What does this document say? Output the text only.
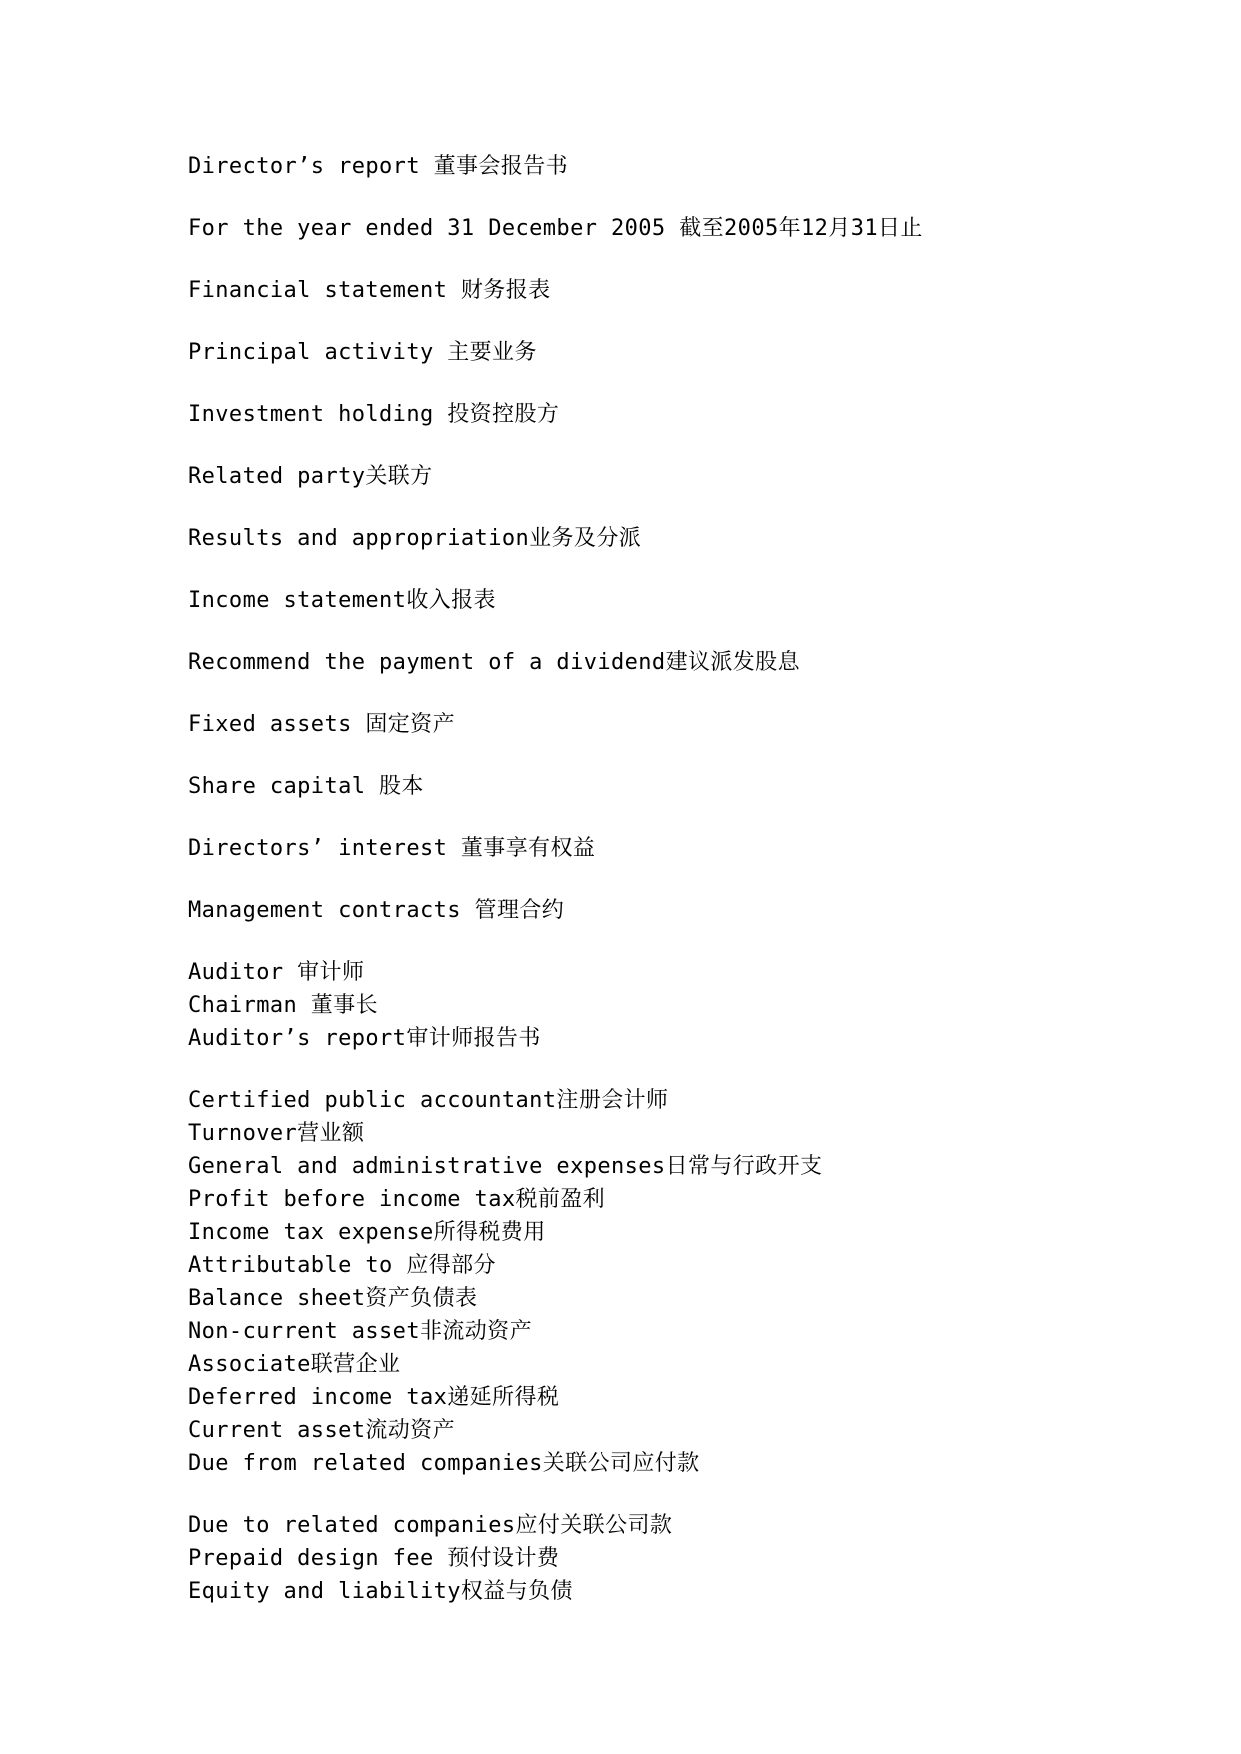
Director’s report 董事会报告书
For the year ended 31 December 2005 截至2005年12月31日止
Financial statement 财务报表
Principal activity 主要业务
Investment holding 投资控股方
Related party关联方
Results and appropriation业务及分派
Income statement收入报表
Recommend the payment of a dividend建议派发股息
Fixed assets 固定资产
Share capital 股本
Directors’ interest 董事享有权益
Management contracts 管理合约
Auditor 审计师
Chairman 董事长
Auditor’s report审计师报告书
Certified public accountant注册会计师
Turnover营业额
General and administrative expenses日常与行政开支
Profit before income tax税前盈利
Income tax expense所得税费用
Attributable to 应得部分
Balance sheet资产负债表
Non-current asset非流动资产
Associate联营企业
Deferred income tax递延所得税
Current asset流动资产
Due from related companies关联公司应付款
Due to related companies应付关联公司款
Prepaid design fee 预付设计费
Equity and liability权益与负债
